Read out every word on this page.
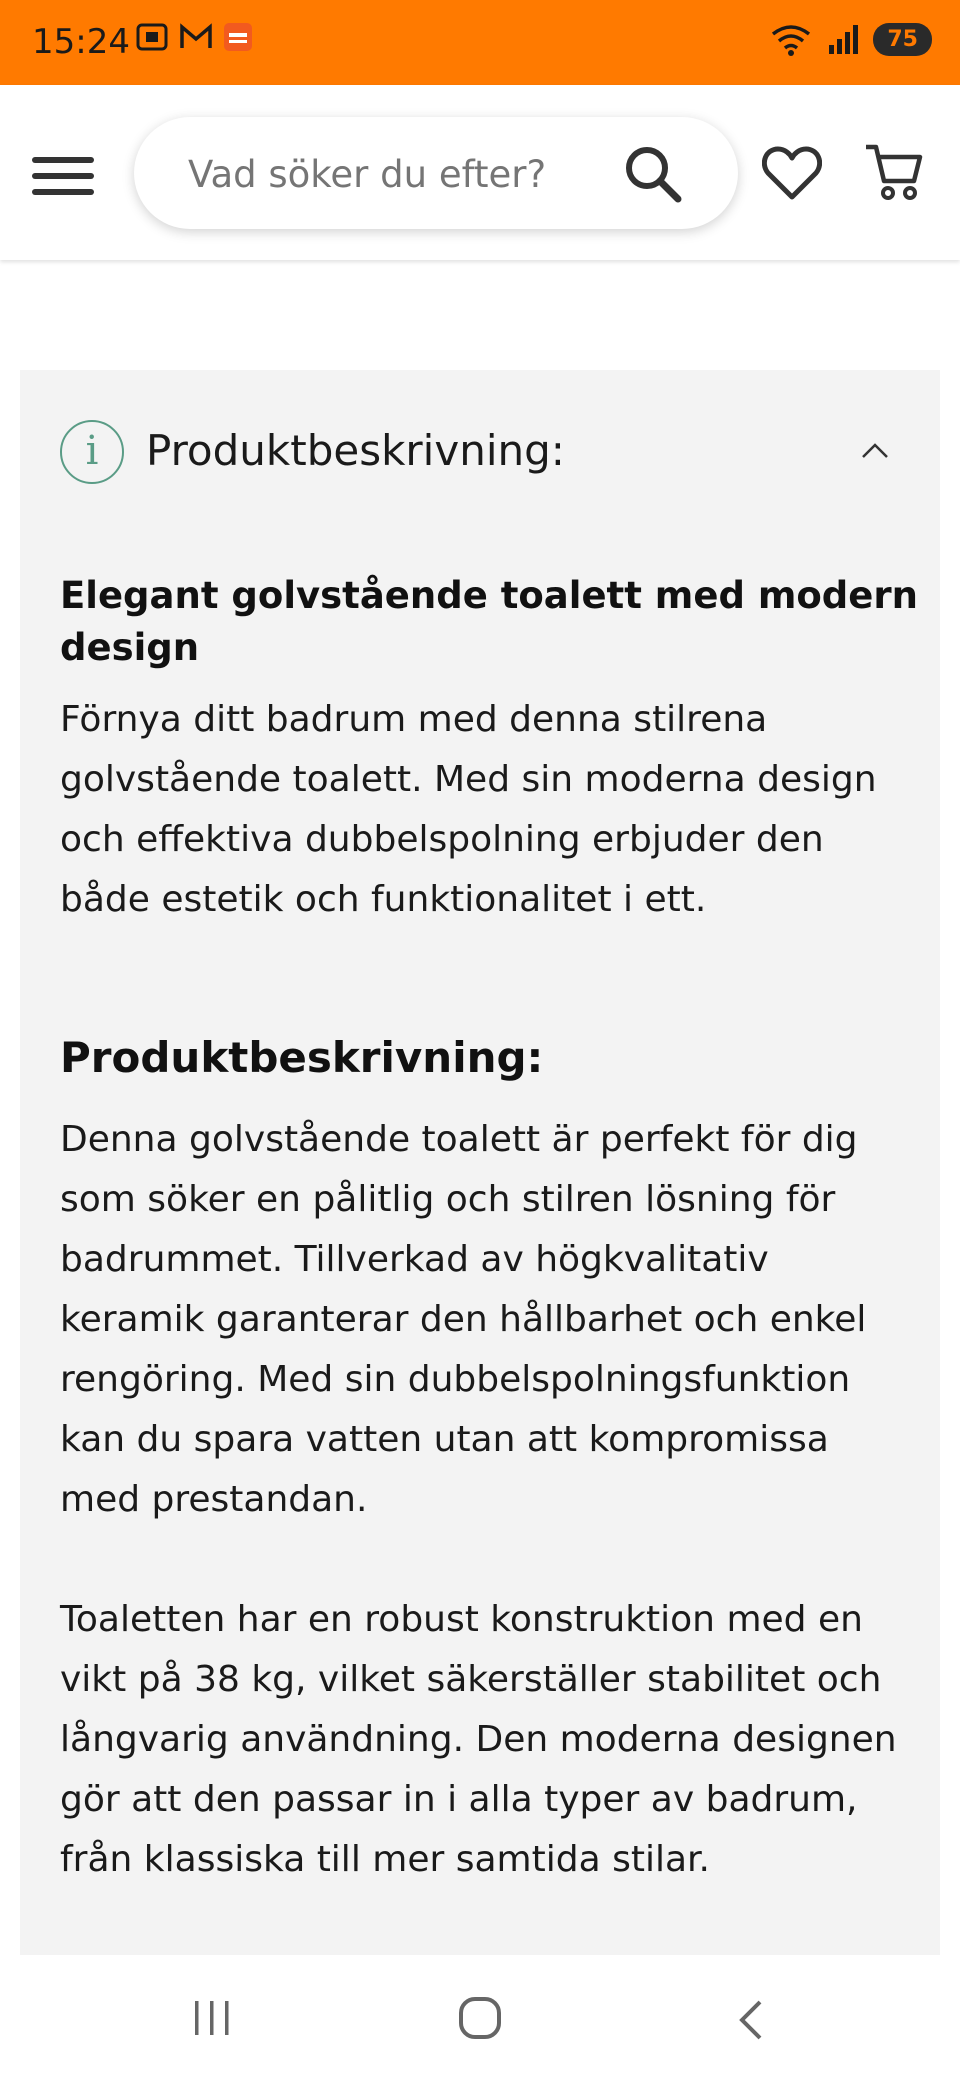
15:24	75
Vad söker du efter?
i	Produktbeskrivning:
Elegant golvstående toalett med modern design

Förnya ditt badrum med denna stilrena golvstående toalett. Med sin moderna design och effektiva dubbelspolning erbjuder den både estetik och funktionalitet i ett.

Produktbeskrivning:

Denna golvstående toalett är perfekt för dig som söker en pålitlig och stilren lösning för badrummet. Tillverkad av högkvalitativ keramik garanterar den hållbarhet och enkel rengöring. Med sin dubbelspolningsfunktion kan du spara vatten utan att kompromissa med prestandan.

Toaletten har en robust konstruktion med en vikt på 38 kg, vilket säkerställer stabilitet och långvarig användning. Den moderna designen gör att den passar in i alla typer av badrum, från klassiska till mer samtida stilar.
